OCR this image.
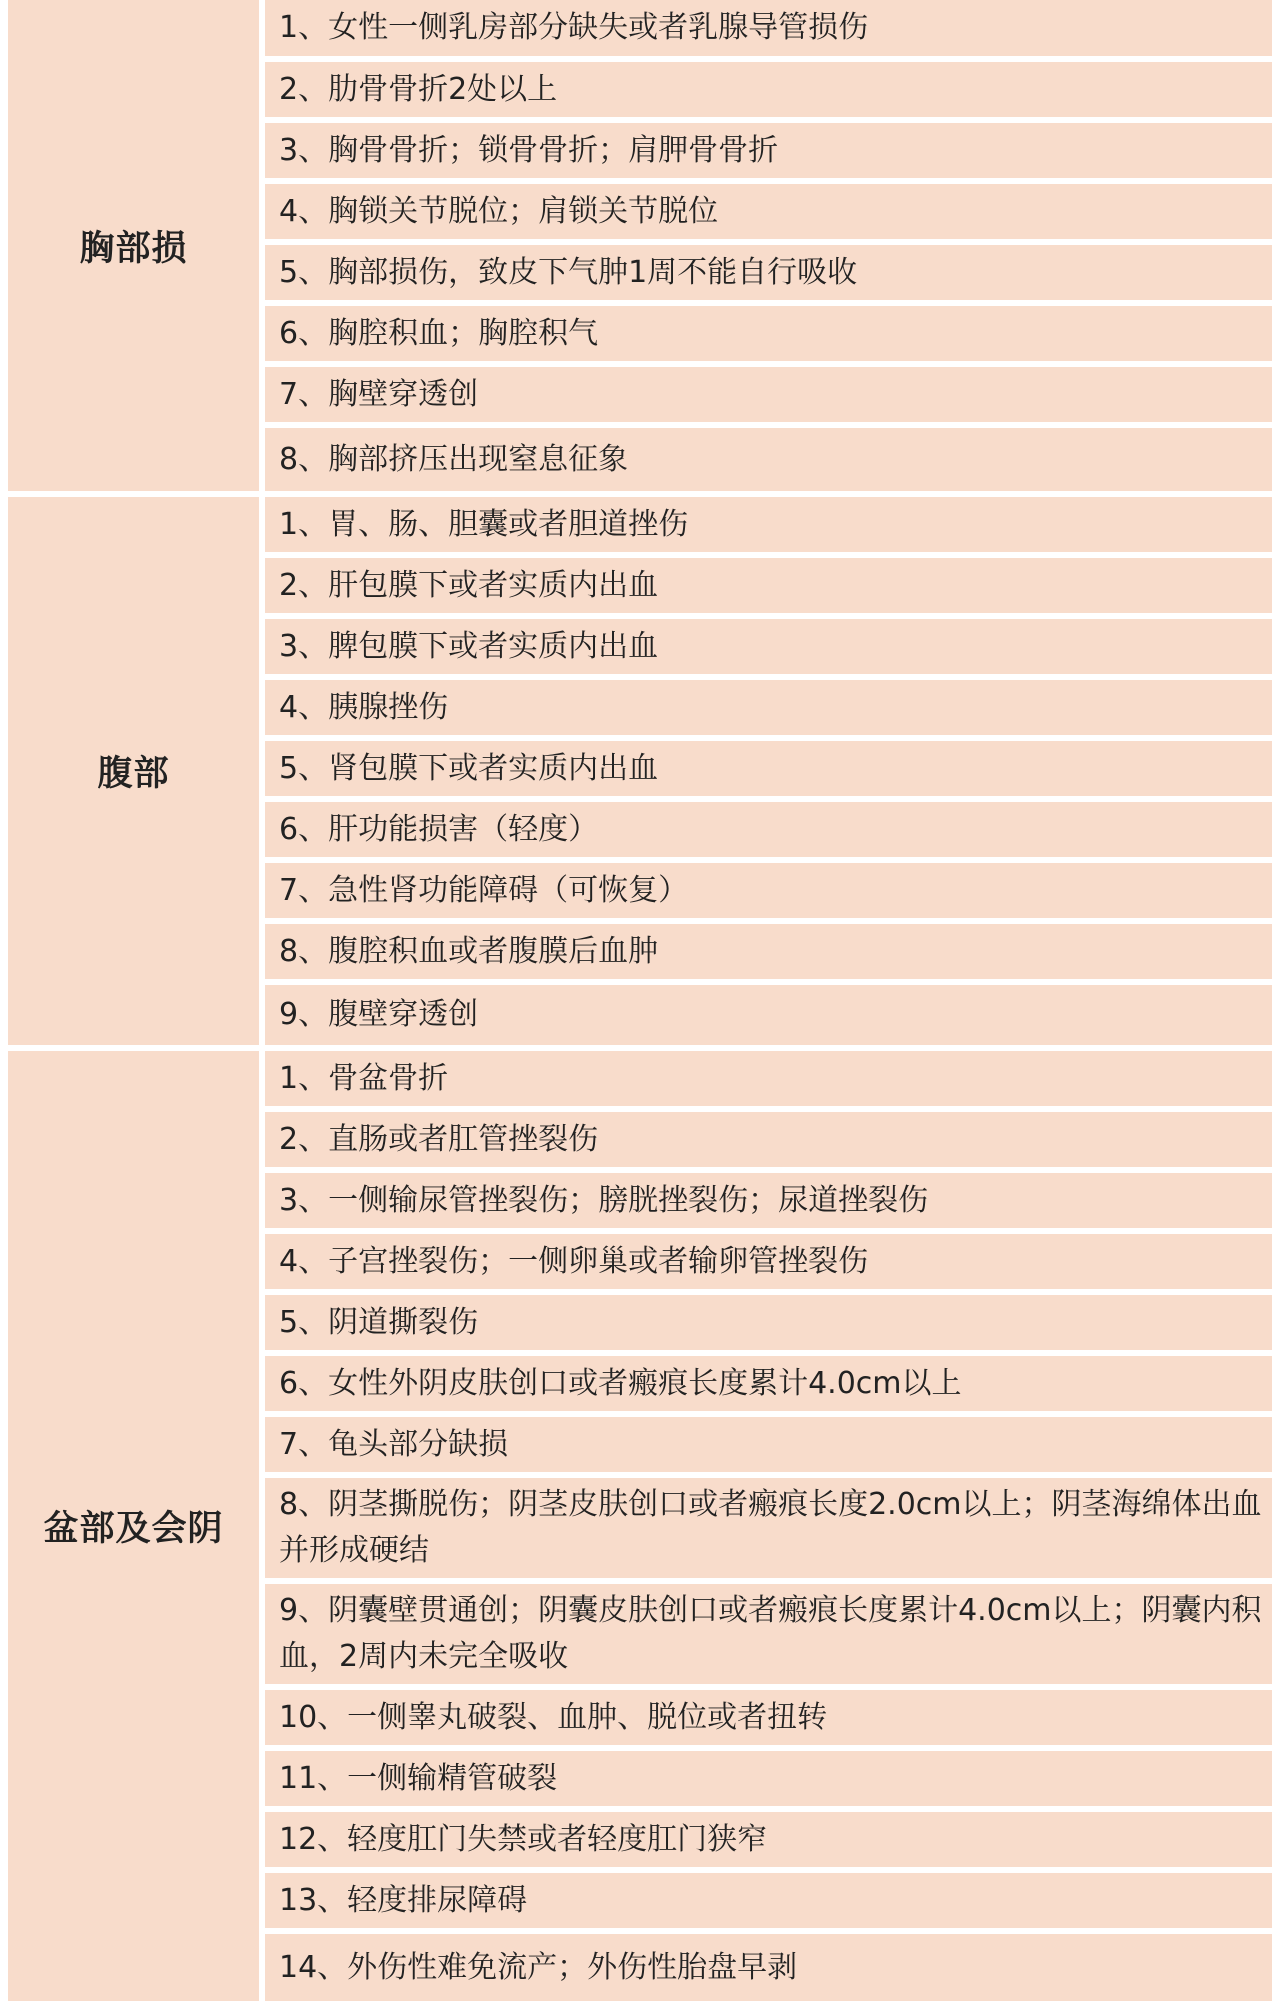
胸部损
1、女性一侧乳房部分缺失或者乳腺导管损伤
2、肋骨骨折2处以上
3、胸骨骨折；锁骨骨折；肩胛骨骨折
4、胸锁关节脱位；肩锁关节脱位
5、胸部损伤，致皮下气肿1周不能自行吸收
6、胸腔积血；胸腔积气
7、胸壁穿透创
8、胸部挤压出现窒息征象
腹部
1、胃、肠、胆囊或者胆道挫伤
2、肝包膜下或者实质内出血
3、脾包膜下或者实质内出血
4、胰腺挫伤
5、肾包膜下或者实质内出血
6、肝功能损害（轻度）
7、急性肾功能障碍（可恢复）
8、腹腔积血或者腹膜后血肿
9、腹壁穿透创
盆部及会阴
1、骨盆骨折
2、直肠或者肛管挫裂伤
3、一侧输尿管挫裂伤；膀胱挫裂伤；尿道挫裂伤
4、子宫挫裂伤；一侧卵巢或者输卵管挫裂伤
5、阴道撕裂伤
6、女性外阴皮肤创口或者瘢痕长度累计4.0cm以上
7、龟头部分缺损
8、阴茎撕脱伤；阴茎皮肤创口或者瘢痕长度2.0cm以上；阴茎海绵体出血并形成硬结
9、阴囊壁贯通创；阴囊皮肤创口或者瘢痕长度累计4.0cm以上；阴囊内积血，2周内未完全吸收
10、一侧睾丸破裂、血肿、脱位或者扭转
11、一侧输精管破裂
12、轻度肛门失禁或者轻度肛门狭窄
13、轻度排尿障碍
14、外伤性难免流产；外伤性胎盘早剥
